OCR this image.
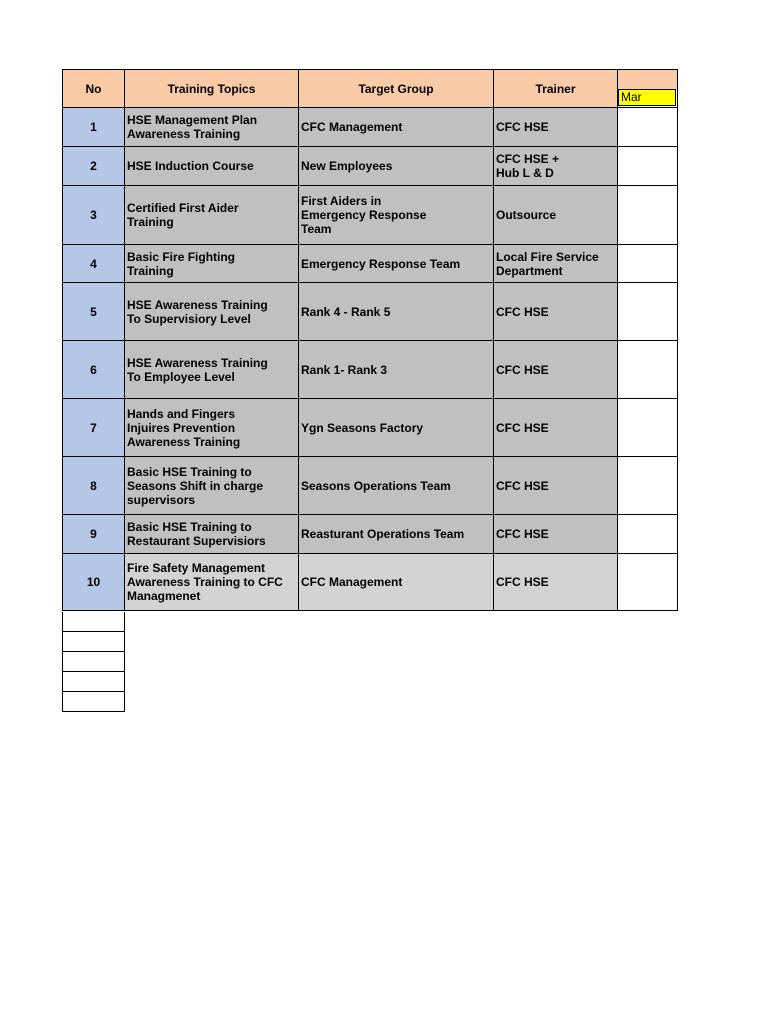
No	Training Topics	Target Group	Trainer	Mar

1	HSE Management Plan
Awareness Training	CFC Management	CFC HSE	
2	HSE Induction Course	New Employees	CFC HSE +
Hub L & D	
3	Certified First Aider
Training	First Aiders in
Emergency Response
Team	Outsource	
4	Basic Fire Fighting
Training	Emergency Response Team	Local Fire Service
Department	
5	HSE Awareness Training
To Supervisiory Level	Rank 4 - Rank 5	CFC HSE	
6	HSE Awareness Training
To Employee Level	Rank 1- Rank 3	CFC HSE	
7	Hands and Fingers
Injuires Prevention
Awareness Training	Ygn Seasons Factory	CFC HSE	
8	Basic HSE Training to
Seasons Shift in charge
supervisors	Seasons Operations Team	CFC HSE	
9	Basic HSE Training to
Restaurant Supervisiors	Reasturant Operations Team	CFC HSE	
10	Fire Safety Management
Awareness Training to CFC
Managmenet	CFC Management	CFC HSE	
